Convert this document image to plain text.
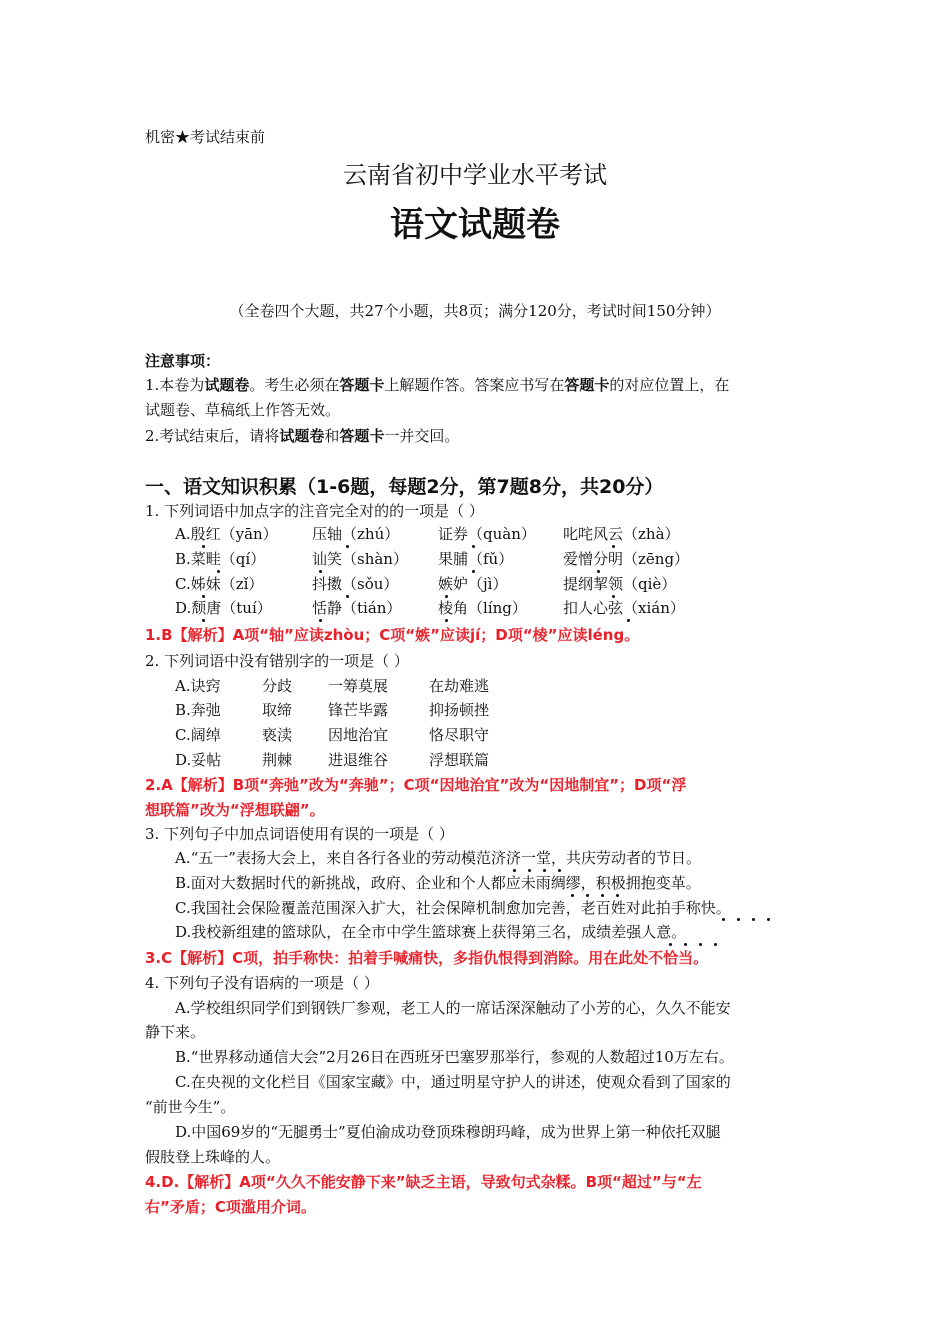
机密★考试结束前
云南省初中学业水平考试
语文试题卷
（全卷四个大题，共27个小题，共8页；满分120分，考试时间150分钟）
注意事项：
1.本卷为试题卷。考生必须在答题卡上解题作答。答案应书写在答题卡的对应位置上，在
试题卷、草稿纸上作答无效。
2.考试结束后，请将试题卷和答题卡一并交回。
一、语文知识积累（1-6题，每题2分，第7题8分，共20分）
1. 下列词语中加点字的注音完全对的的一项是（ ）
A.殷红（yān） 压轴（zhú）	证券（quàn） 叱咤风云（zhà）
B.菜畦（qí）	讪笑（shàn） 果脯（fǔ）	爱憎分明（zēng）
C.姊妹（zǐ）	抖擞（sǒu）	嫉妒（jì）	提纲挈领（qiè）
D.颓唐（tuí）	恬静（tián） 棱角（líng） 扣人心弦（xián）
1.B【解析】A项“轴”应读zhòu；C项“嫉”应读jí；D项“棱”应读léng。
2. 下列词语中没有错别字的一项是（ ）
A.诀窍	分歧 一筹莫展	在劫难逃
B.奔弛	取缔 锋芒毕露	抑扬顿挫
C.阔绰	亵渎 因地治宜	恪尽职守
D.妥帖	荆棘 进退维谷	浮想联篇
2.A【解析】B项“奔弛”改为“奔驰”；C项“因地治宜”改为“因地制宜”；D项“浮
想联篇”改为“浮想联翩”。
3. 下列句子中加点词语使用有误的一项是（ ）
A.“五一”表扬大会上，来自各行各业的劳动模范济济一堂，共庆劳动者的节日。
B.面对大数据时代的新挑战，政府、企业和个人都应未雨绸缪，积极拥抱变革。
C.我国社会保险覆盖范围深入扩大，社会保障机制愈加完善，老百姓对此拍手称快。
D.我校新组建的篮球队，在全市中学生篮球赛上获得第三名，成绩差强人意。
3.C【解析】C项，拍手称快：拍着手喊痛快，多指仇恨得到消除。用在此处不恰当。
4. 下列句子没有语病的一项是（ ）
A.学校组织同学们到钢铁厂参观，老工人的一席话深深触动了小芳的心，久久不能安
静下来。
B.“世界移动通信大会”2月26日在西班牙巴塞罗那举行，参观的人数超过10万左右。
C.在央视的文化栏目《国家宝藏》中，通过明星守护人的讲述，使观众看到了国家的
“前世今生”。
D.中国69岁的“无腿勇士”夏伯渝成功登顶珠穆朗玛峰，成为世界上第一种依托双腿
假肢登上珠峰的人。
4.D.【解析】A项“久久不能安静下来”缺乏主语，导致句式杂糅。B项“超过”与“左
右”矛盾；C项滥用介词。
